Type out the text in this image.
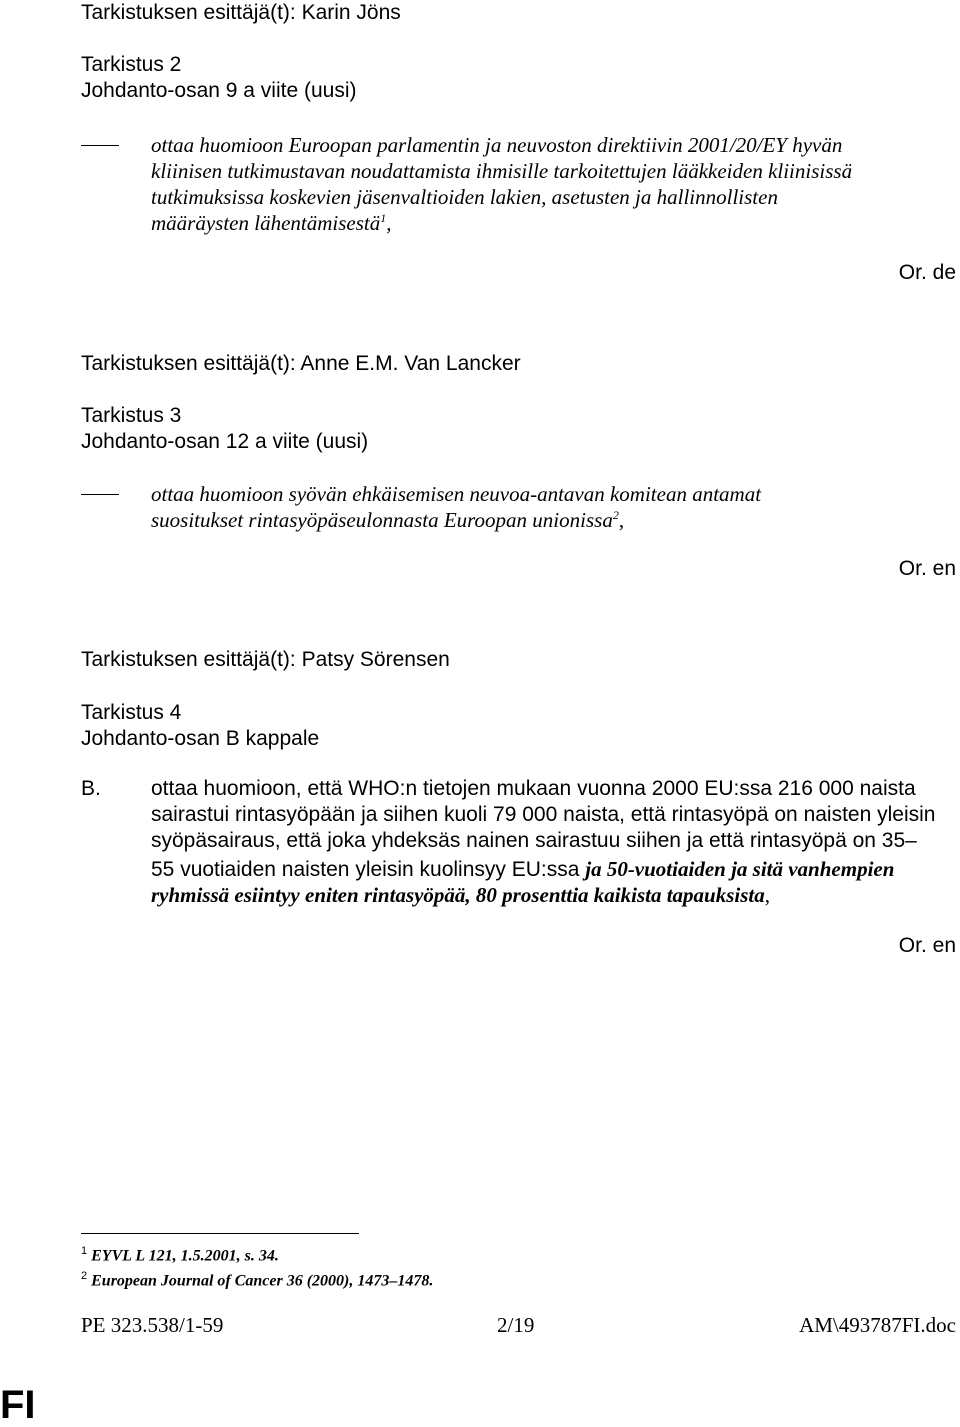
Tarkistuksen esittäjä(t): Karin Jöns
Tarkistus 2
Johdanto-osan 9 a viite (uusi)
ottaa huomioon Euroopan parlamentin ja neuvoston direktiivin 2001/20/EY hyvän
kliinisen tutkimustavan noudattamista ihmisille tarkoitettujen lääkkeiden kliinisissä
tutkimuksissa koskevien jäsenvaltioiden lakien, asetusten ja hallinnollisten
määräysten lähentämisestä$^1$,
Or. de
Tarkistuksen esittäjä(t): Anne E.M. Van Lancker
Tarkistus 3
Johdanto-osan 12 a viite (uusi)
ottaa huomioon syövän ehkäisemisen neuvoa-antavan komitean antamat
suositukset rintasyöpäseulonnasta Euroopan unionissa$^2$,
Or. en
Tarkistuksen esittäjä(t): Patsy Sörensen
Tarkistus 4
Johdanto-osan B kappale
B. ottaa huomioon, että WHO:n tietojen mukaan vuonna 2000 EU:ssa 216 000 naista
sairastui rintasyöpään ja siihen kuoli 79 000 naista, että rintasyöpä on naisten yleisin
syöpäsairaus, että joka yhdeksäs nainen sairastuu siihen ja että rintasyöpä on 35–
55 vuotiaiden naisten yleisin kuolinsyy EU:ssa ja 50-vuotiaiden ja sitä vanhempien
ryhmissä esiintyy eniten rintasyöpää, 80 prosenttia kaikista tapauksista,
Or. en
$^1$ EYVL L 121, 1.5.2001, s. 34.
$^2$ European Journal of Cancer 36 (2000), 1473–1478.
PE 323.538/1-59	2/19	AM\493787FI.doc
FI
